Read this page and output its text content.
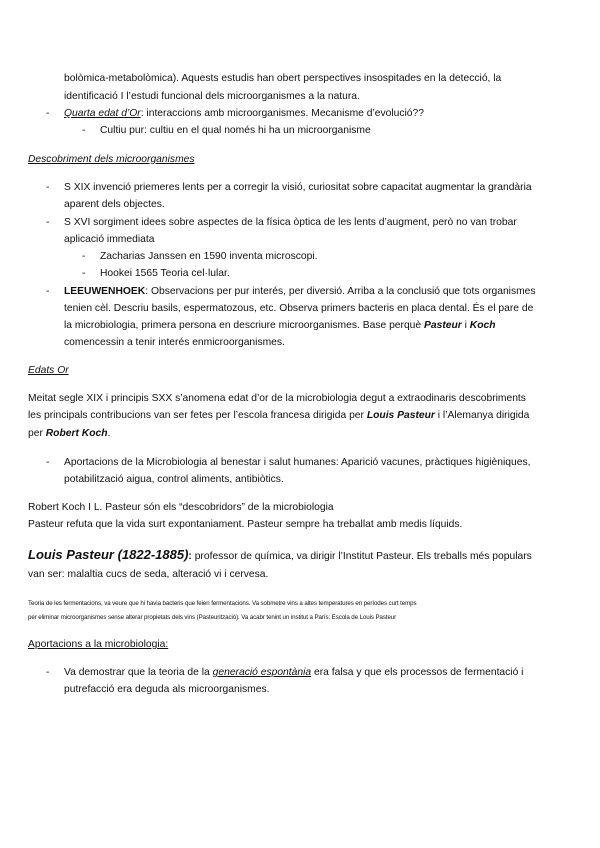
bolòmica-metabolòmica). Aquests estudis han obert perspectives insospitades en la detecció, la
identificació I l’estudi funcional dels microorganismes a la natura.
- Quarta edat d’Or: interaccions amb microorganismes. Mecanisme d’evolució??
- Cultiu pur: cultiu en el qual només hi ha un microorganisme
Descobriment dels microorganismes
- S XIX invenció priemeres lents per a corregir la visió, curiositat sobre capacitat augmentar la grandària
aparent dels objectes.
- S XVI sorgiment idees sobre aspectes de la física òptica de les lents d’augment, però no van trobar
aplicació immediata
- Zacharias Janssen en 1590 inventa microscopi.
- Hookei 1565 Teoria cel·lular.
- LEEUWENHOEK: Observacions per pur interés, per diversió. Arriba a la conclusió que tots organismes
tenien cèl. Descriu basils, espermatozous, etc. Observa primers bacteris en placa dental. És el pare de
la microbiologia, primera persona en descriure microorganismes. Base perquè Pasteur i Koch
comencessin a tenir interés enmicroorganismes.
Edats Or
Meitat segle XIX i principis SXX s’anomena edat d’or de la microbiologia degut a extraodinaris descobriments
les principals contribucions van ser fetes per l’escola francesa dirigida per Louis Pasteur i l’Alemanya dirigida
per Robert Koch.
- Aportacions de la Microbiologia al benestar i salut humanes: Aparició vacunes, pràctiques higièniques,
potabilització aigua, control aliments, antibiòtics.
Robert Koch I L. Pasteur són els “descobridors” de la microbiologia
Pasteur refuta que la vida surt expontaniament. Pasteur sempre ha treballat amb medis líquids.
Louis Pasteur (1822-1885): professor de química, va dirigir l’Institut Pasteur. Els treballs més populars
van ser: malaltia cucs de seda, alteració vi i cervesa.
Teoria de les fermentacions, va veure que hi havia bacteris que feien fermentacions. Va sobmetre vins a altes temperatures en períodes curt temps
per eliminar microorganismes sense alterar propietats dels vins (Pasteurització). Va acabr tenint un institut a París: Escola de Louis Pasteur
Aportacions a la microbiologia:
- Va demostrar que la teoria de la generació espontània era falsa y que els processos de fermentació i
putrefacció era deguda als microorganismes.
